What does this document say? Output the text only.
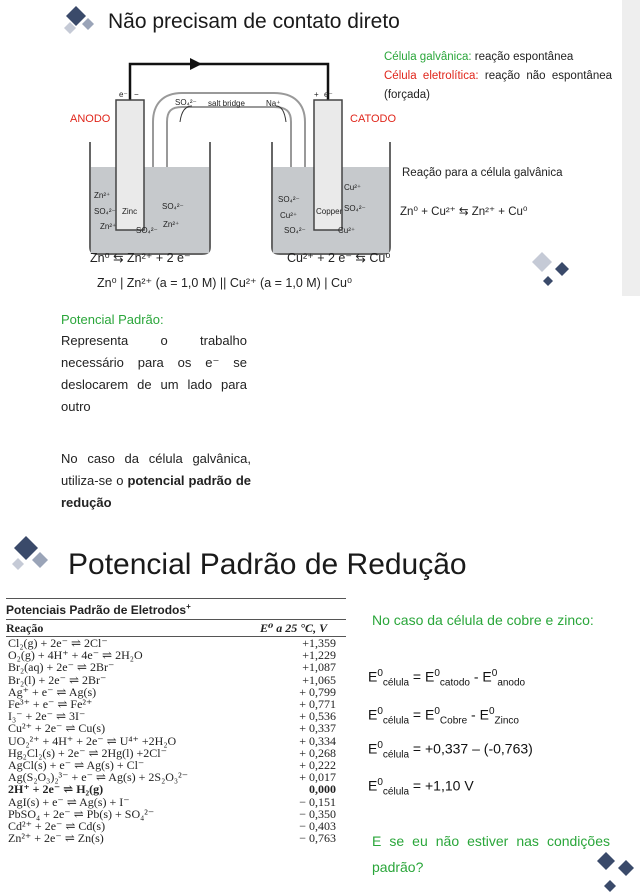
Não precisam de contato direto
ANODO	CATODO
SO₄²⁻ salt bridge	Na⁺
e⁻ −	+ e⁻
Zn²⁺
SO₄²⁻ Zinc
Zn²⁺ SO₄²⁻
Zn²⁺
SO₄²⁻
SO₄²⁻
Cu²⁺
SO₄²⁻
Copper
Cu²⁺
SO₄²⁻
Cu²⁺
Célula galvânica: reação espontânea
Célula eletrolítica: reação não espontânea (forçada)
Reação para a célula galvânica
Zn⁰ + Cu²⁺ ⇆ Zn²⁺ + Cu⁰
Zn⁰ ⇆ Zn²⁺ + 2 e⁻	Cu²⁺ + 2 e⁻ ⇆ Cu⁰
Zn⁰ | Zn²⁺ (a = 1,0 M) || Cu²⁺ (a = 1,0 M) | Cu⁰
Potencial Padrão:
Representa o trabalho necessário para os e⁻ se deslocarem de um lado para outro
No caso da célula galvânica, utiliza-se o potencial padrão de redução
Potencial Padrão de Redução
Potenciais Padrão de Eletrodos+
Reação	E⁰ a 25 °C, V
Cl₂(g) + 2e⁻ ⇌ 2Cl⁻	+1,359
O₂(g) + 4H⁺ + 4e⁻ ⇌ 2H₂O	+1,229
Br₂(aq) + 2e⁻ ⇌ 2Br⁻	+1,087
Br₂(l) + 2e⁻ ⇌ 2Br⁻	+1,065
Ag⁺ + e⁻ ⇌ Ag(s)	+ 0,799
Fe³⁺ + e⁻ ⇌ Fe²⁺	+ 0,771
I₃⁻ + 2e⁻ ⇌ 3I⁻	+ 0,536
Cu²⁺ + 2e⁻ ⇌ Cu(s)	+ 0,337
UO₂²⁺ + 4H⁺ + 2e⁻ ⇌ U⁴⁺ +2H₂O	+ 0,334
Hg₂Cl₂(s) + 2e⁻ ⇌ 2Hg(l) +2Cl⁻	+ 0,268
AgCl(s) + e⁻ ⇌ Ag(s) + Cl⁻	+ 0,222
Ag(S₂O₃)₂³⁻ + e⁻ ⇌ Ag(s) + 2S₂O₃²⁻	+ 0,017
2H⁺ + 2e⁻ ⇌ H₂(g)	0,000
AgI(s) + e⁻ ⇌ Ag(s) + I⁻	− 0,151
PbSO₄ + 2e⁻ ⇌ Pb(s) + SO₄²⁻	− 0,350
Cd²⁺ + 2e⁻ ⇌ Cd(s)	− 0,403
Zn²⁺ + 2e⁻ ⇌ Zn(s)	− 0,763
No caso da célula de cobre e zinco:
$E^0_{célula} = E^0_{catodo} - E^0_{anodo}$
$E^0_{célula} = E^0_{Cobre} - E^0_{Zinco}$
$E^0_{célula} = +0,337 - (-0,763)$
$E^0_{célula} = +1,10$ V
E se eu não estiver nas condições padrão?
